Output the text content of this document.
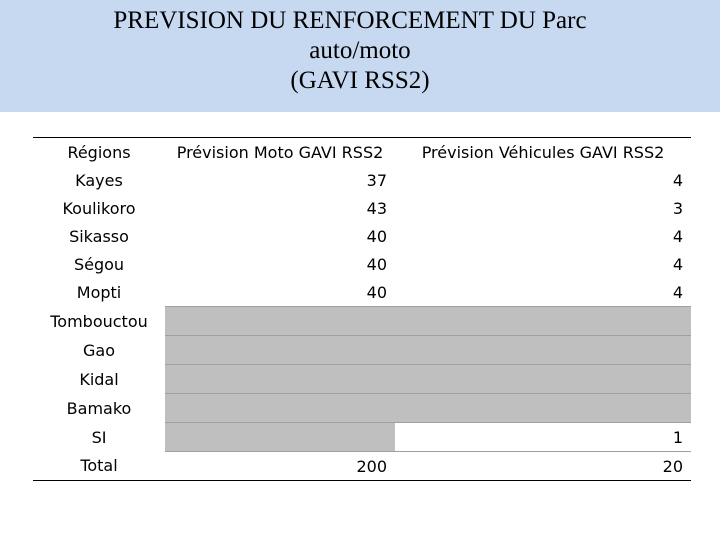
PREVISION DU RENFORCEMENT DU Parc
auto/moto
(GAVI RSS2)
Régions	Prévision Moto GAVI RSS2	Prévision Véhicules GAVI RSS2
Kayes	37	4
Koulikoro	43	3
Sikasso	40	4
Ségou	40	4
Mopti	40	4
Tombouctou		
Gao		
Kidal		
Bamako		
SI		1
Total	200	20
